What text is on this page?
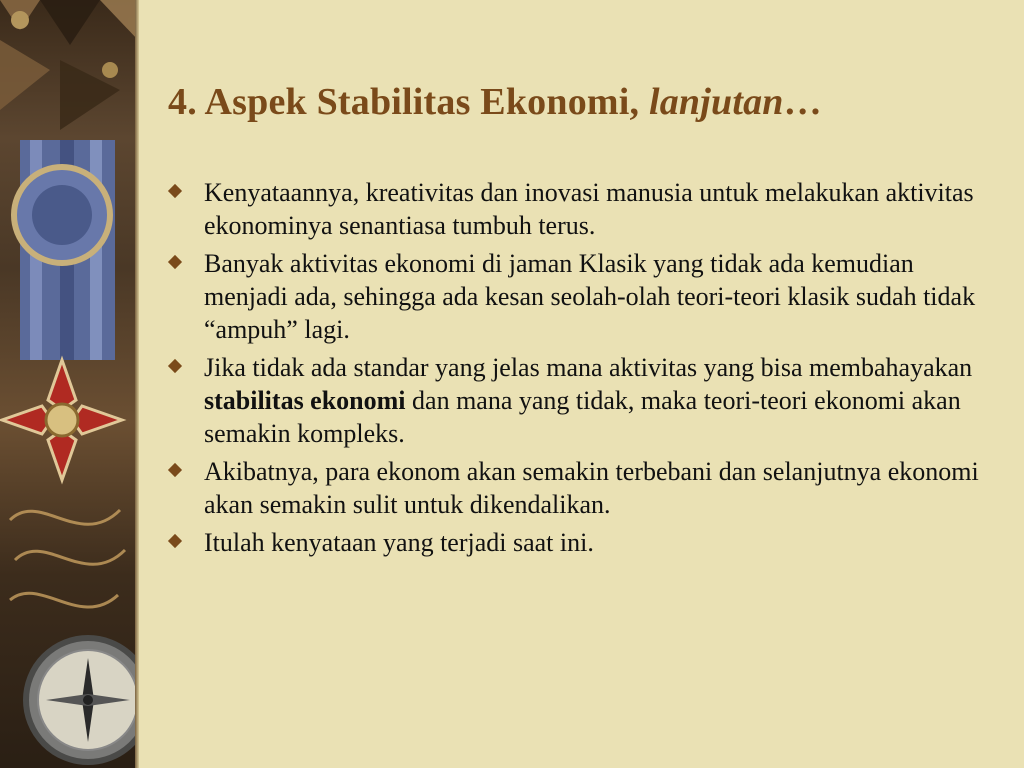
4. Aspek Stabilitas Ekonomi, lanjutan…
Kenyataannya, kreativitas dan inovasi manusia untuk melakukan aktivitas ekonominya senantiasa tumbuh terus.
Banyak aktivitas ekonomi di jaman Klasik yang tidak ada kemudian menjadi ada, sehingga ada kesan seolah-olah teori-teori klasik sudah tidak “ampuh” lagi.
Jika tidak ada standar yang jelas mana aktivitas yang bisa membahayakan stabilitas ekonomi dan mana yang tidak, maka teori-teori ekonomi akan semakin kompleks.
Akibatnya, para ekonom akan semakin terbebani dan selanjutnya ekonomi akan semakin sulit untuk dikendalikan.
Itulah kenyataan yang terjadi saat ini.
